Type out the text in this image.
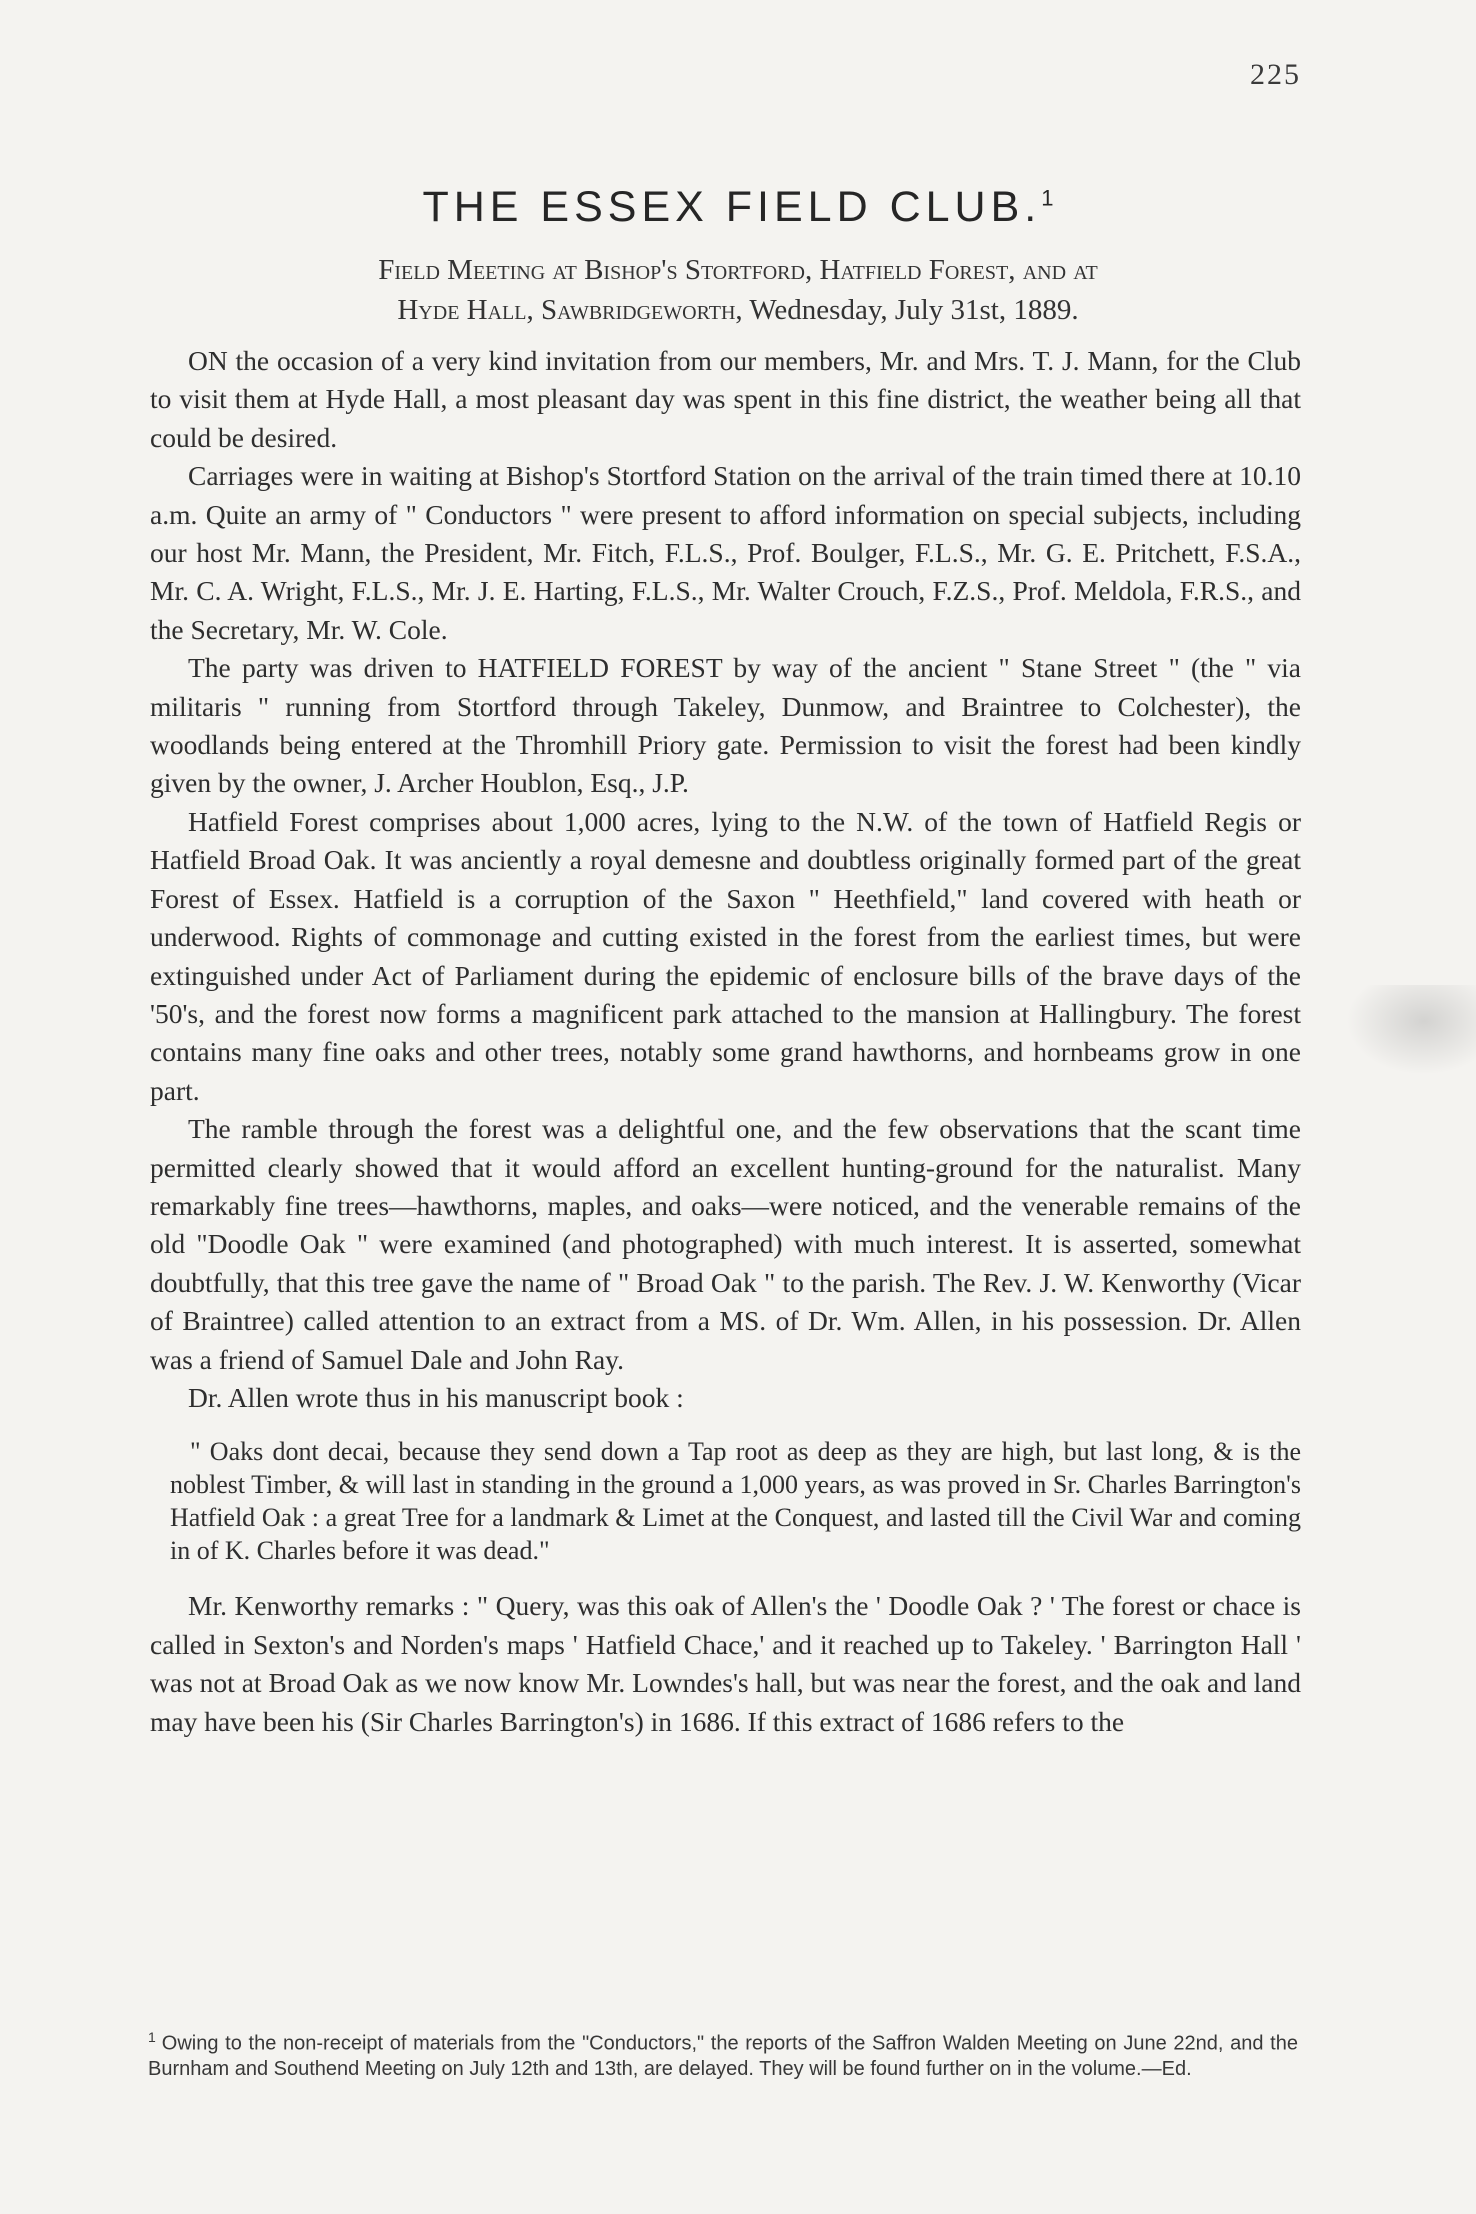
225
THE ESSEX FIELD CLUB.$^1$
Field Meeting at Bishop's Stortford, Hatfield Forest, and at
Hyde Hall, Sawbridgeworth, Wednesday, July 31st, 1889.

ON the occasion of a very kind invitation from our members, Mr. and Mrs. T. J. Mann, for the Club to visit them at Hyde Hall, a most pleasant day was spent in this fine district, the weather being all that could be desired.

Carriages were in waiting at Bishop's Stortford Station on the arrival of the train timed there at 10.10 a.m. Quite an army of " Conductors " were present to afford information on special subjects, including our host Mr. Mann, the President, Mr. Fitch, F.L.S., Prof. Boulger, F.L.S., Mr. G. E. Pritchett, F.S.A., Mr. C. A. Wright, F.L.S., Mr. J. E. Harting, F.L.S., Mr. Walter Crouch, F.Z.S., Prof. Meldola, F.R.S., and the Secretary, Mr. W. Cole.

The party was driven to HATFIELD FOREST by way of the ancient " Stane Street " (the " via militaris " running from Stortford through Takeley, Dunmow, and Braintree to Colchester), the woodlands being entered at the Thromhill Priory gate. Permission to visit the forest had been kindly given by the owner, J. Archer Houblon, Esq., J.P.

Hatfield Forest comprises about 1,000 acres, lying to the N.W. of the town of Hatfield Regis or Hatfield Broad Oak. It was anciently a royal demesne and doubtless originally formed part of the great Forest of Essex. Hatfield is a corruption of the Saxon " Heethfield," land covered with heath or underwood. Rights of commonage and cutting existed in the forest from the earliest times, but were extinguished under Act of Parliament during the epidemic of enclosure bills of the brave days of the '50's, and the forest now forms a magnificent park attached to the mansion at Hallingbury. The forest contains many fine oaks and other trees, notably some grand hawthorns, and hornbeams grow in one part.

The ramble through the forest was a delightful one, and the few observations that the scant time permitted clearly showed that it would afford an excellent hunting-ground for the naturalist. Many remarkably fine trees—hawthorns, maples, and oaks—were noticed, and the venerable remains of the old "Doodle Oak " were examined (and photographed) with much interest. It is asserted, somewhat doubtfully, that this tree gave the name of " Broad Oak " to the parish. The Rev. J. W. Kenworthy (Vicar of Braintree) called attention to an extract from a MS. of Dr. Wm. Allen, in his possession. Dr. Allen was a friend of Samuel Dale and John Ray.

Dr. Allen wrote thus in his manuscript book :

" Oaks dont decai, because they send down a Tap root as deep as they are high, but last long, & is the noblest Timber, & will last in standing in the ground a 1,000 years, as was proved in Sr. Charles Barrington's Hatfield Oak : a great Tree for a landmark & Limet at the Conquest, and lasted till the Civil War and coming in of K. Charles before it was dead."

Mr. Kenworthy remarks : " Query, was this oak of Allen's the ' Doodle Oak ? ' The forest or chace is called in Sexton's and Norden's maps ' Hatfield Chace,' and it reached up to Takeley. ' Barrington Hall ' was not at Broad Oak as we now know Mr. Lowndes's hall, but was near the forest, and the oak and land may have been his (Sir Charles Barrington's) in 1686. If this extract of 1686 refers to the

$^1$ Owing to the non-receipt of materials from the "Conductors," the reports of the Saffron Walden Meeting on June 22nd, and the Burnham and Southend Meeting on July 12th and 13th, are delayed. They will be found further on in the volume.—Ed.
